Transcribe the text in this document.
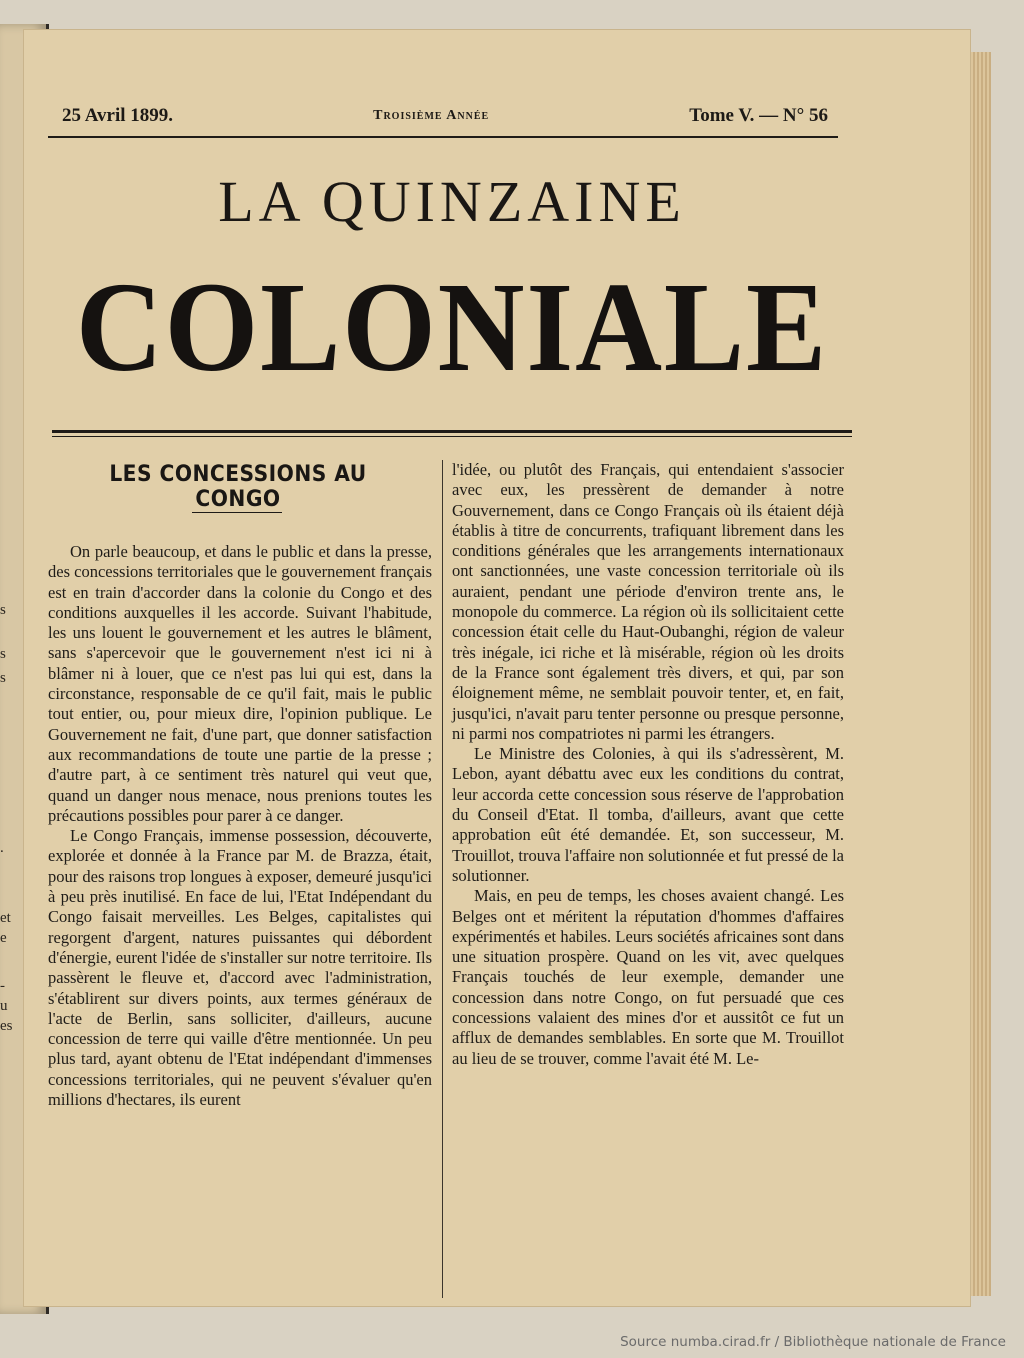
s
s
s
.
et
e
-
u
es
25 Avril 1899.	Troisième Année	Tome V. — N° 56
LA QUINZAINE
COLONIALE
LES CONCESSIONS AU CONGO

On parle beaucoup, et dans le public et dans la presse, des concessions territoriales que le gouvernement français est en train d'accorder dans la colonie du Congo et des conditions auxquelles il les accorde. Suivant l'habitude, les uns louent le gouvernement et les autres le blâment, sans s'apercevoir que le gouvernement n'est ici ni à blâmer ni à louer, que ce n'est pas lui qui est, dans la circonstance, responsable de ce qu'il fait, mais le public tout entier, ou, pour mieux dire, l'opinion publique. Le Gouvernement ne fait, d'une part, que donner satisfaction aux recommandations de toute une partie de la presse ; d'autre part, à ce sentiment très naturel qui veut que, quand un danger nous menace, nous prenions toutes les précautions possibles pour parer à ce danger.

Le Congo Français, immense possession, découverte, explorée et donnée à la France par M. de Brazza, était, pour des raisons trop longues à exposer, demeuré jusqu'ici à peu près inutilisé. En face de lui, l'Etat Indépendant du Congo faisait merveilles. Les Belges, capitalistes qui regorgent d'argent, natures puissantes qui débordent d'énergie, eurent l'idée de s'installer sur notre territoire. Ils passèrent le fleuve et, d'accord avec l'administration, s'établirent sur divers points, aux termes généraux de l'acte de Berlin, sans solliciter, d'ailleurs, aucune concession de terre qui vaille d'être mentionnée. Un peu plus tard, ayant obtenu de l'Etat indépendant d'immenses concessions territoriales, qui ne peuvent s'évaluer qu'en millions d'hectares, ils eurent

l'idée, ou plutôt des Français, qui entendaient s'associer avec eux, les pressèrent de demander à notre Gouvernement, dans ce Congo Français où ils étaient déjà établis à titre de concurrents, trafiquant librement dans les conditions générales que les arrangements internationaux ont sanctionnées, une vaste concession territoriale où ils auraient, pendant une période d'environ trente ans, le monopole du commerce. La région où ils sollicitaient cette concession était celle du Haut-Oubanghi, région de valeur très inégale, ici riche et là misérable, région où les droits de la France sont également très divers, et qui, par son éloignement même, ne semblait pouvoir tenter, et, en fait, jusqu'ici, n'avait paru tenter personne ou presque personne, ni parmi nos compatriotes ni parmi les étrangers.

Le Ministre des Colonies, à qui ils s'adressèrent, M. Lebon, ayant débattu avec eux les conditions du contrat, leur accorda cette concession sous réserve de l'approbation du Conseil d'Etat. Il tomba, d'ailleurs, avant que cette approbation eût été demandée. Et, son successeur, M. Trouillot, trouva l'affaire non solutionnée et fut pressé de la solutionner.

Mais, en peu de temps, les choses avaient changé. Les Belges ont et méritent la réputation d'hommes d'affaires expérimentés et habiles. Leurs sociétés africaines sont dans une situation prospère. Quand on les vit, avec quelques Français touchés de leur exemple, demander une concession dans notre Congo, on fut persuadé que ces concessions valaient des mines d'or et aussitôt ce fut un afflux de demandes semblables. En sorte que M. Trouillot au lieu de se trouver, comme l'avait été M. Le-

Source numba.cirad.fr / Bibliothèque nationale de France
